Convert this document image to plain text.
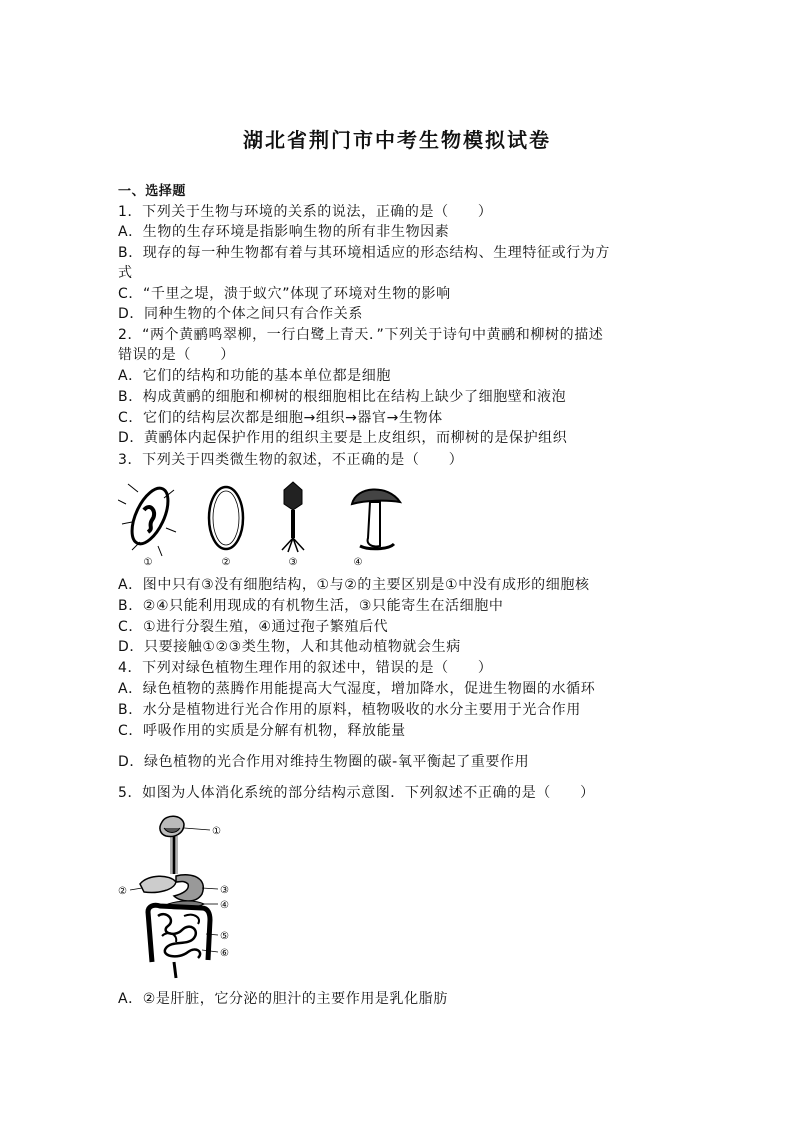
湖北省荆门市中考生物模拟试卷
一、选择题
1．下列关于生物与环境的关系的说法，正确的是（　　）
A．生物的生存环境是指影响生物的所有非生物因素
B．现存的每一种生物都有着与其环境相适应的形态结构、生理特征或行为方
式
C．“千里之堤，溃于蚁穴”体现了环境对生物的影响
D．同种生物的个体之间只有合作关系
2．“两个黄鹂鸣翠柳，一行白鹭上青天．”下列关于诗句中黄鹂和柳树的描述
错误的是（　　）
A．它们的结构和功能的基本单位都是细胞
B．构成黄鹂的细胞和柳树的根细胞相比在结构上缺少了细胞壁和液泡
C．它们的结构层次都是细胞→组织→器官→生物体
D．黄鹂体内起保护作用的组织主要是上皮组织，而柳树的是保护组织
3．下列关于四类微生物的叙述，不正确的是（　　）
①	②	③	④
A．图中只有③没有细胞结构，①与②的主要区别是①中没有成形的细胞核
B．②④只能利用现成的有机物生活，③只能寄生在活细胞中
C．①进行分裂生殖，④通过孢子繁殖后代
D．只要接触①②③类生物，人和其他动植物就会生病
4．下列对绿色植物生理作用的叙述中，错误的是（　　）
A．绿色植物的蒸腾作用能提高大气湿度，增加降水，促进生物圈的水循环
B．水分是植物进行光合作用的原料，植物吸收的水分主要用于光合作用
C．呼吸作用的实质是分解有机物，释放能量
D．绿色植物的光合作用对维持生物圈的碳-氧平衡起了重要作用
5．如图为人体消化系统的部分结构示意图．下列叙述不正确的是（　　）
①
②	③
④
⑤
⑥
A．②是肝脏，它分泌的胆汁的主要作用是乳化脂肪
